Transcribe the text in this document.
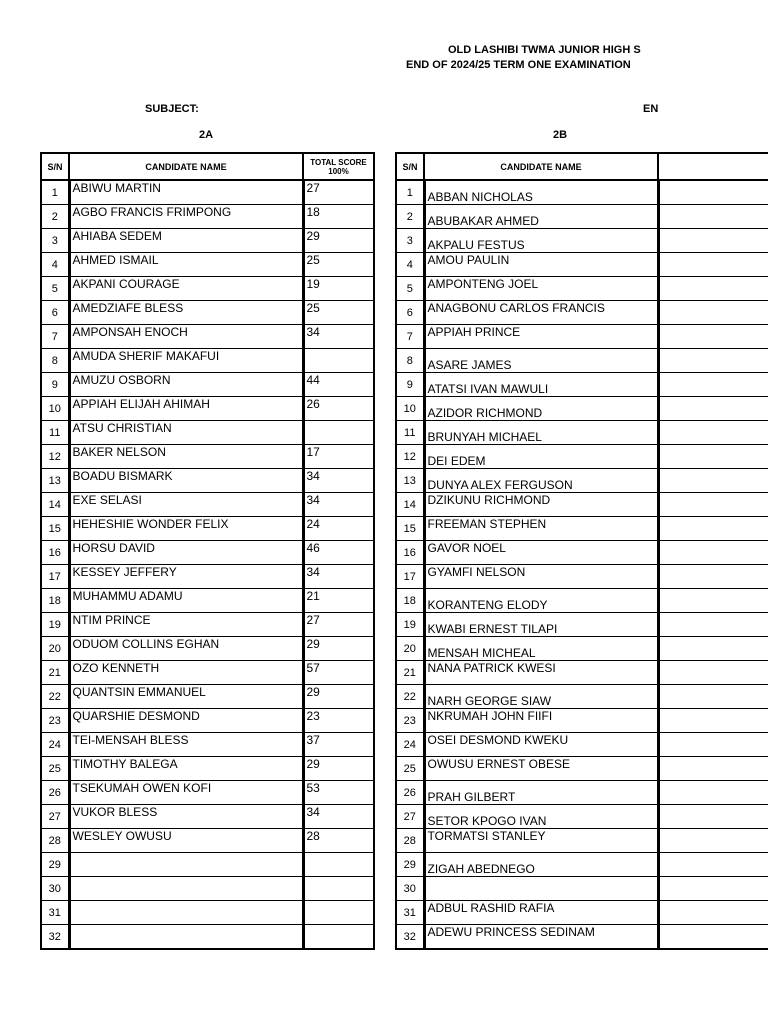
OLD LASHIBI TWMA JUNIOR HIGH S
END OF 2024/25 TERM ONE EXAMINATION
SUBJECT:	EN
2A	2B
S/N	CANDIDATE NAME	TOTAL SCORE
100%

1	ABIWU MARTIN	27
2	AGBO FRANCIS FRIMPONG	18
3	AHIABA SEDEM	29
4	AHMED ISMAIL	25
5	AKPANI COURAGE	19
6	AMEDZIAFE BLESS	25
7	AMPONSAH ENOCH	34
8	AMUDA SHERIF MAKAFUI	
9	AMUZU OSBORN	44
10	APPIAH ELIJAH AHIMAH	26
11	ATSU CHRISTIAN	
12	BAKER NELSON	17
13	BOADU BISMARK	34
14	EXE SELASI	34
15	HEHESHIE WONDER FELIX	24
16	HORSU DAVID	46
17	KESSEY JEFFERY	34
18	MUHAMMU ADAMU	21
19	NTIM PRINCE	27
20	ODUOM COLLINS EGHAN	29
21	OZO KENNETH	57
22	QUANTSIN EMMANUEL	29
23	QUARSHIE DESMOND	23
24	TEI-MENSAH BLESS	37
25	TIMOTHY BALEGA	29
26	TSEKUMAH OWEN KOFI	53
27	VUKOR BLESS	34
28	WESLEY OWUSU	28
29		
30		
31		
32		
S/N	CANDIDATE NAME	
1	ABBAN NICHOLAS	
2	ABUBAKAR AHMED	
3	AKPALU FESTUS	
4	AMOU PAULIN	
5	AMPONTENG JOEL	
6	ANAGBONU CARLOS FRANCIS	
7	APPIAH PRINCE	
8	ASARE JAMES	
9	ATATSI IVAN MAWULI	
10	AZIDOR RICHMOND	
11	BRUNYAH MICHAEL	
12	DEI EDEM	
13	DUNYA ALEX FERGUSON	
14	DZIKUNU RICHMOND	
15	FREEMAN STEPHEN	
16	GAVOR NOEL	
17	GYAMFI NELSON	
18	KORANTENG ELODY	
19	KWABI ERNEST TILAPI	
20	MENSAH MICHEAL	
21	NANA PATRICK KWESI	
22	NARH GEORGE SIAW	
23	NKRUMAH JOHN FIIFI	
24	OSEI DESMOND KWEKU	
25	OWUSU ERNEST OBESE	
26	PRAH GILBERT	
27	SETOR KPOGO IVAN	
28	TORMATSI STANLEY	
29	ZIGAH ABEDNEGO	
30		
31	ADBUL RASHID RAFIA	
32	ADEWU PRINCESS SEDINAM	
